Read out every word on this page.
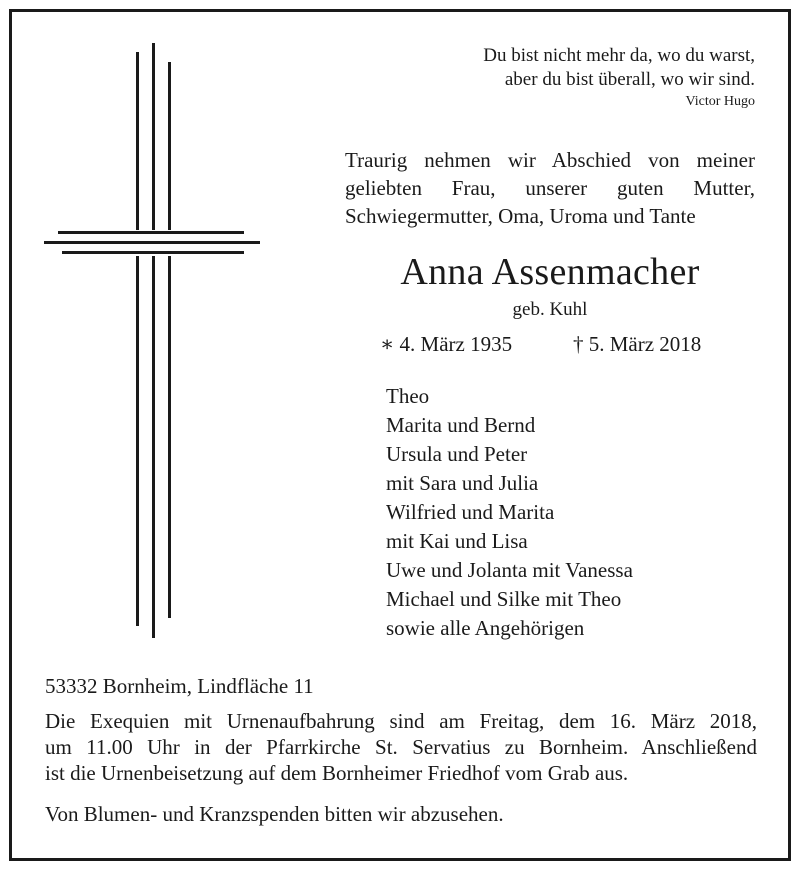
Du bist nicht mehr da, wo du warst,
aber du bist überall, wo wir sind.
Victor Hugo
Traurig nehmen wir Abschied von meiner
geliebten Frau, unserer guten Mutter,
Schwiegermutter, Oma, Uroma und Tante
Anna Assenmacher
geb. Kuhl
∗ 4. März 1935	† 5. März 2018
Theo
Marita und Bernd
Ursula und Peter
mit Sara und Julia
Wilfried und Marita
mit Kai und Lisa
Uwe und Jolanta mit Vanessa
Michael und Silke mit Theo
sowie alle Angehörigen
53332 Bornheim, Lindfläche 11
Die Exequien mit Urnenaufbahrung sind am Freitag, dem 16. März 2018,
um 11.00 Uhr in der Pfarrkirche St. Servatius zu Bornheim. Anschließend
ist die Urnenbeisetzung auf dem Bornheimer Friedhof vom Grab aus.
Von Blumen- und Kranzspenden bitten wir abzusehen.
